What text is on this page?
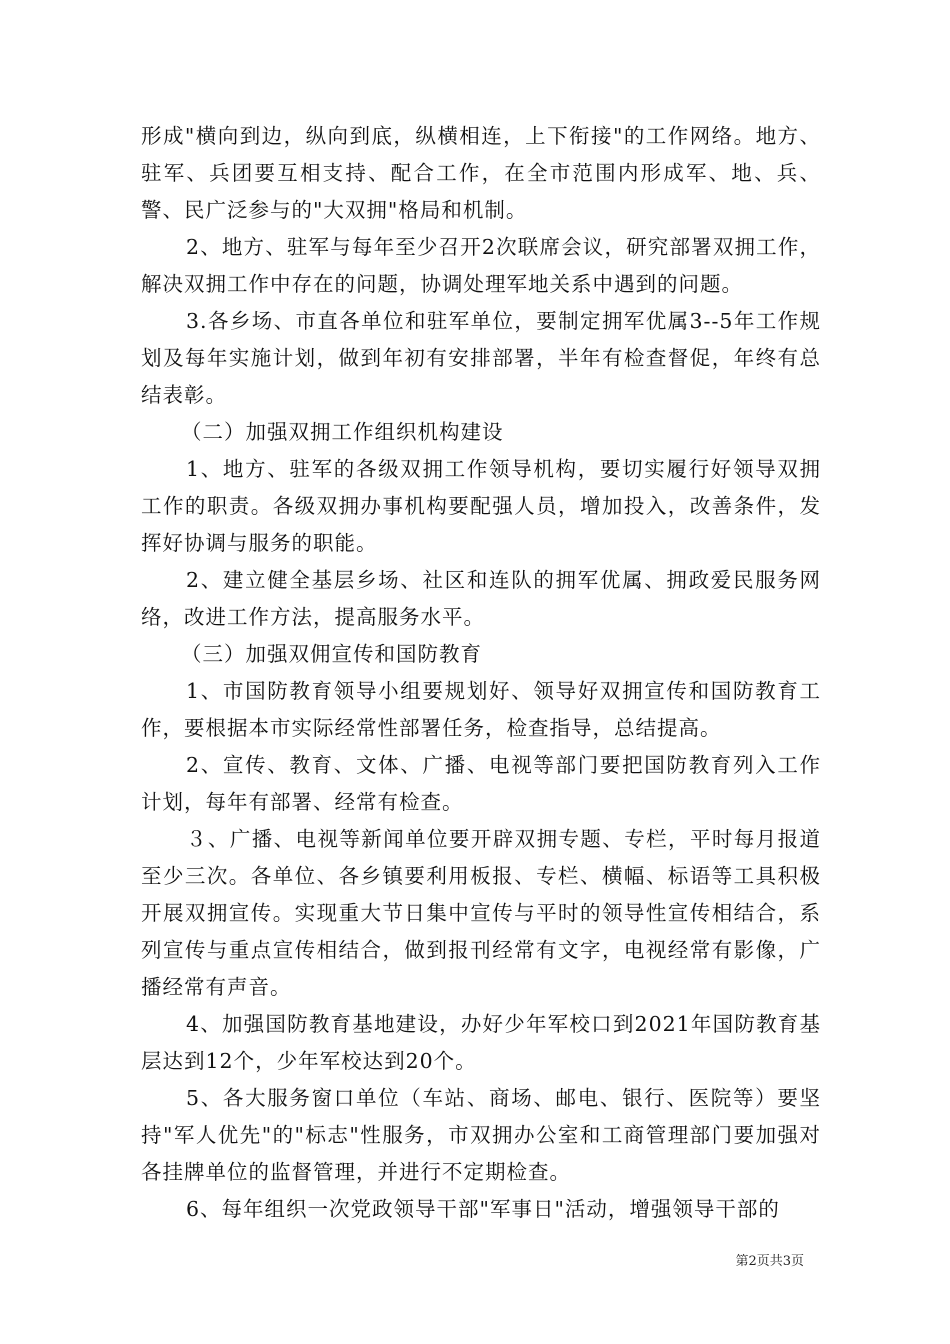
形成"横向到边，纵向到底，纵横相连，上下衔接"的工作网络。地方、驻军、兵团要互相支持、配合工作，在全市范围内形成军、地、兵、警、民广泛参与的"大双拥"格局和机制。

2、地方、驻军与每年至少召开2次联席会议，研究部署双拥工作，解决双拥工作中存在的问题，协调处理军地关系中遇到的问题。

3.各乡场、市直各单位和驻军单位，要制定拥军优属3--5年工作规划及每年实施计划，做到年初有安排部署，半年有检查督促，年终有总结表彰。

（二）加强双拥工作组织机构建设

1、地方、驻军的各级双拥工作领导机构，要切实履行好领导双拥工作的职责。各级双拥办事机构要配强人员，增加投入，改善条件，发挥好协调与服务的职能。

2、建立健全基层乡场、社区和连队的拥军优属、拥政爱民服务网络，改进工作方法，提高服务水平。

（三）加强双佣宣传和国防教育

1、市国防教育领导小组要规划好、领导好双拥宣传和国防教育工作，要根据本市实际经常性部署任务，检查指导，总结提高。

2、宣传、教育、文体、广播、电视等部门要把国防教育列入工作计划，每年有部署、经常有检查。

３、广播、电视等新闻单位要开辟双拥专题、专栏，平时每月报道至少三次。各单位、各乡镇要利用板报、专栏、横幅、标语等工具积极开展双拥宣传。实现重大节日集中宣传与平时的领导性宣传相结合，系列宣传与重点宣传相结合，做到报刊经常有文字，电视经常有影像，广播经常有声音。

4、加强国防教育基地建设，办好少年军校口到2021年国防教育基层达到12个，少年军校达到20个。

5、各大服务窗口单位（车站、商场、邮电、银行、医院等）要坚持"军人优先"的"标志"性服务，市双拥办公室和工商管理部门要加强对各挂牌单位的监督管理，并进行不定期检查。

6、每年组织一次党政领导干部"军事日"活动，增强领导干部的

第2页共3页
